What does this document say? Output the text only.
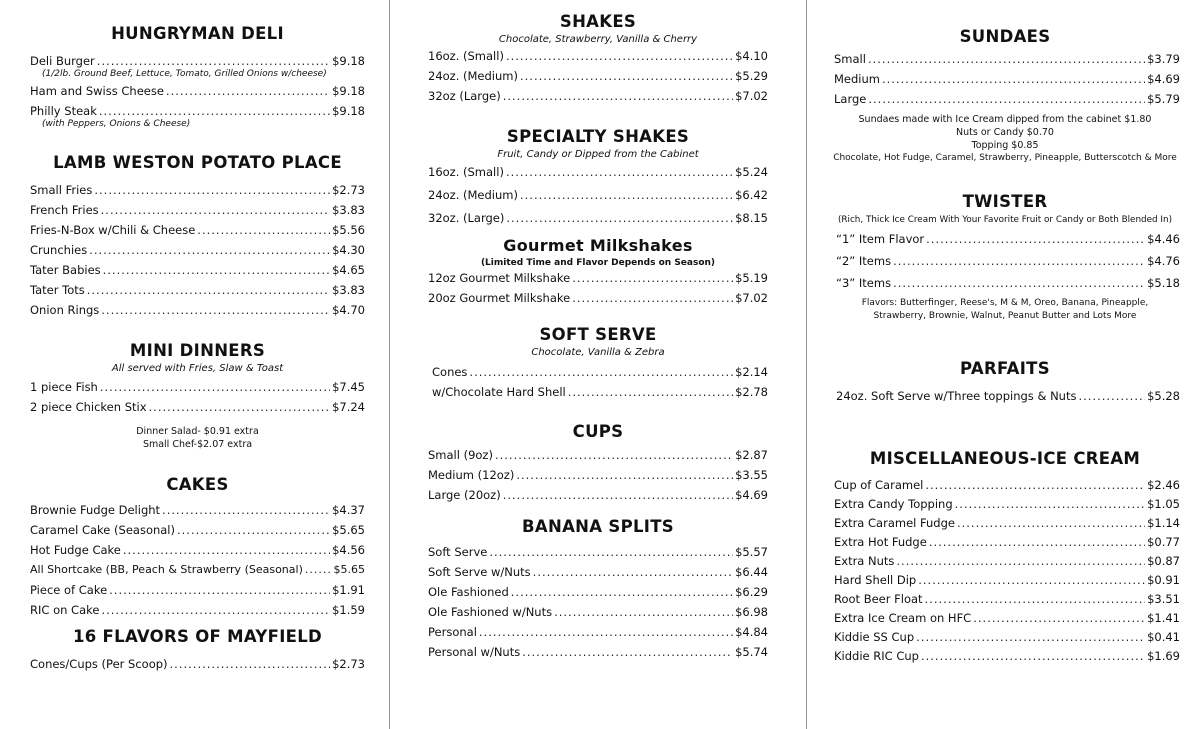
HUNGRYMAN DELI
Deli Burger .....	$9.18
(1/2lb. Ground Beef, Lettuce, Tomato, Grilled Onions w/cheese)
Ham and Swiss Cheese .....	$9.18
Philly Steak .....	$9.18
(with Peppers, Onions & Cheese)
LAMB WESTON POTATO PLACE
Small Fries .....	$2.73
French Fries .....	$3.83
Fries-N-Box w/Chili & Cheese .....	$5.56
Crunchies .....	$4.30
Tater Babies .....	$4.65
Tater Tots .....	$3.83
Onion Rings .....	$4.70
MINI DINNERS
All served with Fries, Slaw & Toast
1 piece Fish .....	$7.45
2 piece Chicken Stix .....	$7.24
Dinner Salad- $0.91 extra
Small Chef-$2.07 extra
CAKES
Brownie Fudge Delight .....	$4.37
Caramel Cake (Seasonal) .....	$5.65
Hot Fudge Cake .....	$4.56
All Shortcake (BB, Peach & Strawberry (Seasonal) .....	$5.65
Piece of Cake .....	$1.91
RIC on Cake .....	$1.59
16 FLAVORS OF MAYFIELD
Cones/Cups (Per Scoop) .....	$2.73
SHAKES
Chocolate, Strawberry, Vanilla & Cherry
16oz. (Small) .....	$4.10
24oz. (Medium) .....	$5.29
32oz (Large) .....	$7.02
SPECIALTY SHAKES
Fruit, Candy or Dipped from the Cabinet
16oz. (Small) .....	$5.24
24oz. (Medium) .....	$6.42
32oz. (Large) .....	$8.15
Gourmet Milkshakes
(Limited Time and Flavor Depends on Season)
12oz Gourmet Milkshake .....	$5.19
20oz Gourmet Milkshake .....	$7.02
SOFT SERVE
Chocolate, Vanilla & Zebra
Cones .....	$2.14
w/Chocolate Hard Shell .....	$2.78
CUPS
Small (9oz) .....	$2.87
Medium (12oz) .....	$3.55
Large (20oz) .....	$4.69
BANANA SPLITS
Soft Serve .....	$5.57
Soft Serve w/Nuts .....	$6.44
Ole Fashioned .....	$6.29
Ole Fashioned w/Nuts .....	$6.98
Personal .....	$4.84
Personal w/Nuts .....	$5.74
SUNDAES
Small .....	$3.79
Medium .....	$4.69
Large .....	$5.79
Sundaes made with Ice Cream dipped from the cabinet $1.80
Nuts or Candy $0.70
Topping $0.85
Chocolate, Hot Fudge, Caramel, Strawberry, Pineapple, Butterscotch & More
TWISTER
(Rich, Thick Ice Cream With Your Favorite Fruit or Candy or Both Blended In)
“1” Item Flavor .....	$4.46
“2” Items .....	$4.76
“3” Items .....	$5.18
Flavors: Butterfinger, Reese's, M & M, Oreo, Banana, Pineapple,
Strawberry, Brownie, Walnut, Peanut Butter and Lots More
PARFAITS
24oz. Soft Serve w/Three toppings & Nuts .....	$5.28
MISCELLANEOUS-ICE CREAM
Cup of Caramel .....	$2.46
Extra Candy Topping .....	$1.05
Extra Caramel Fudge .....	$1.14
Extra Hot Fudge .....	$0.77
Extra Nuts .....	$0.87
Hard Shell Dip .....	$0.91
Root Beer Float .....	$3.51
Extra Ice Cream on HFC .....	$1.41
Kiddie SS Cup .....	$0.41
Kiddie RIC Cup .....	$1.69
